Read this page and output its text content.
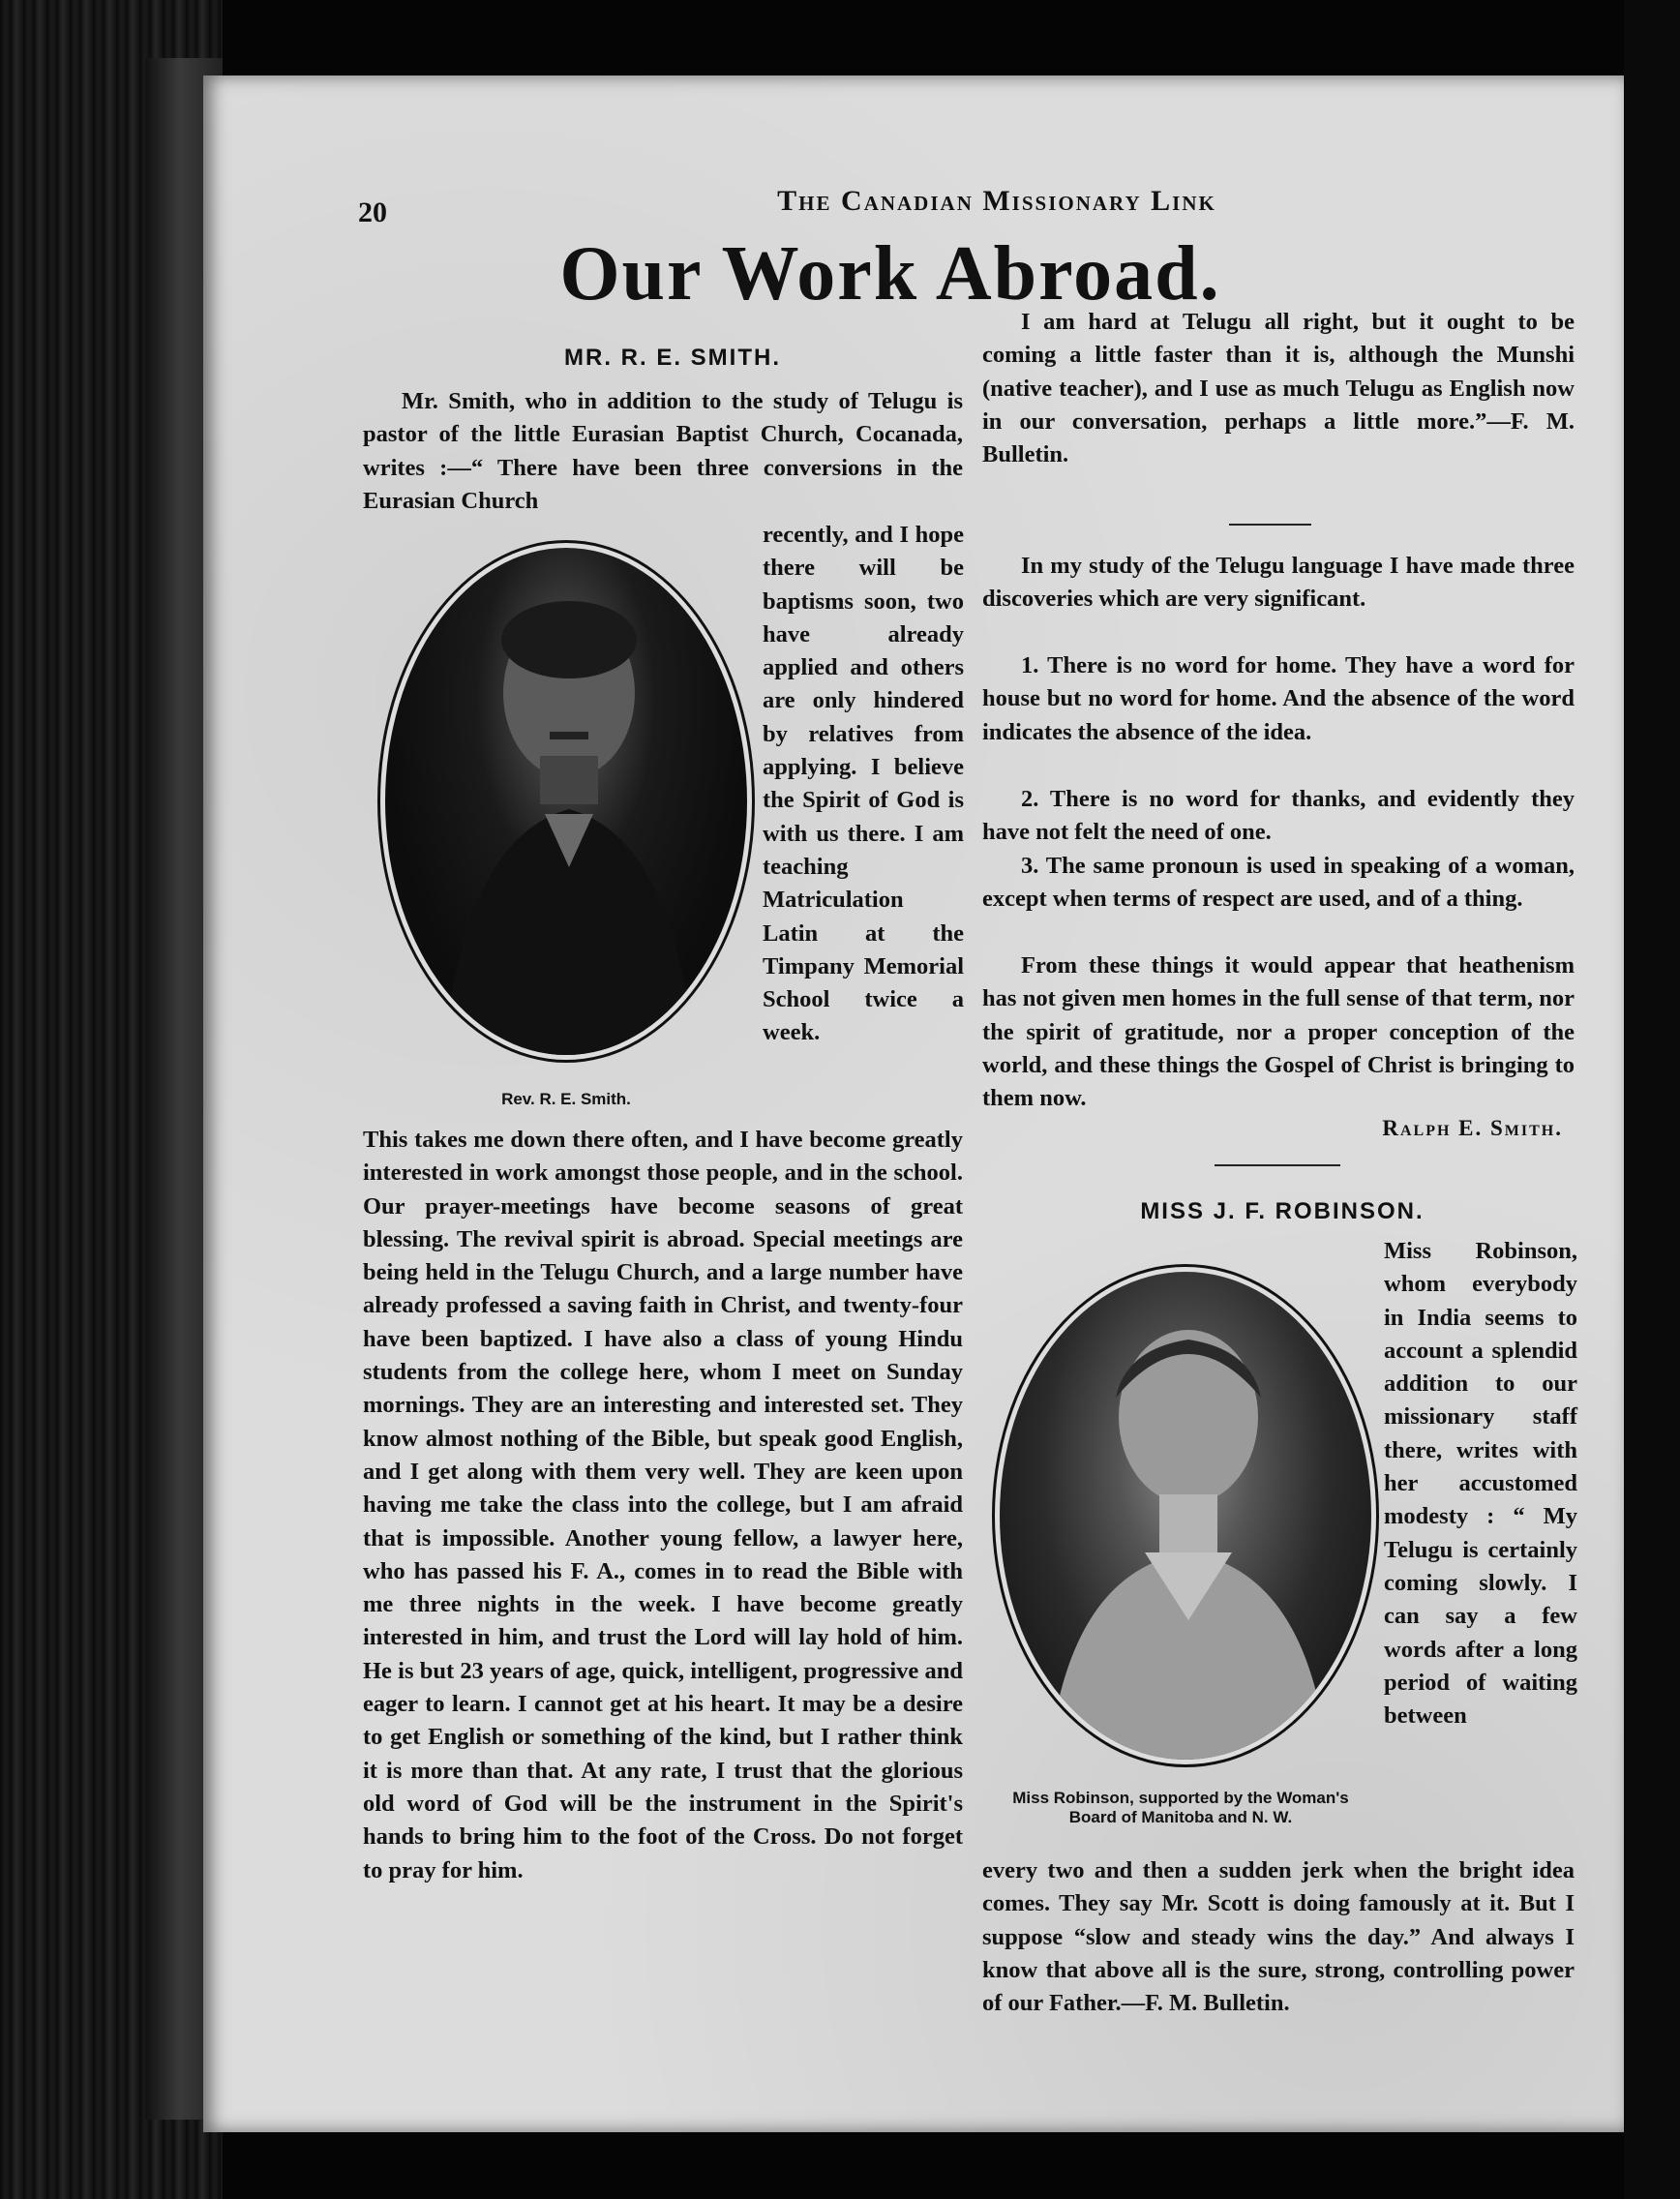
20	The Canadian Missionary Link
Our Work Abroad.
MR. R. E. SMITH.

Mr. Smith, who in addition to the study of Telugu is pastor of the little Eurasian Baptist Church, Cocanada, writes :—“ There have been three conversions in the Eurasian Church

Rev. R. E. Smith.

recently, and I hope there will be baptisms soon, two have already applied and others are only hindered by relatives from applying. I believe the Spirit of God is with us there. I am teaching Matriculation Latin at the Timpany Memorial School twice a week.

This takes me down there often, and I have become greatly interested in work amongst those people, and in the school. Our prayer-meetings have become seasons of great blessing. The revival spirit is abroad. Special meetings are being held in the Telugu Church, and a large number have already professed a saving faith in Christ, and twenty-four have been baptized. I have also a class of young Hindu students from the college here, whom I meet on Sunday mornings. They are an interesting and interested set. They know almost nothing of the Bible, but speak good English, and I get along with them very well. They are keen upon having me take the class into the college, but I am afraid that is impossible. Another young fellow, a lawyer here, who has passed his F. A., comes in to read the Bible with me three nights in the week. I have become greatly interested in him, and trust the Lord will lay hold of him. He is but 23 years of age, quick, intelligent, progressive and eager to learn. I cannot get at his heart. It may be a desire to get English or something of the kind, but I rather think it is more than that. At any rate, I trust that the glorious old word of God will be the instrument in the Spirit's hands to bring him to the foot of the Cross. Do not forget to pray for him.

I am hard at Telugu all right, but it ought to be coming a little faster than it is, although the Munshi (native teacher), and I use as much Telugu as English now in our conversation, perhaps a little more.”—F. M. Bulletin.

In my study of the Telugu language I have made three discoveries which are very significant.

1. There is no word for home. They have a word for house but no word for home. And the absence of the word indicates the absence of the idea.

2. There is no word for thanks, and evidently they have not felt the need of one.

3. The same pronoun is used in speaking of a woman, except when terms of respect are used, and of a thing.

From these things it would appear that heathenism has not given men homes in the full sense of that term, nor the spirit of gratitude, nor a proper conception of the world, and these things the Gospel of Christ is bringing to them now.

Ralph E. Smith.
MISS J. F. ROBINSON.
Miss Robinson, supported by the Woman's Board of Manitoba and N. W.

Miss Robinson, whom everybody in India seems to account a splendid addition to our missionary staff there, writes with her accustomed modesty : “ My Telugu is certainly coming slowly. I can say a few words after a long period of waiting between

every two and then a sudden jerk when the bright idea comes. They say Mr. Scott is doing famously at it. But I suppose “slow and steady wins the day.” And always I know that above all is the sure, strong, controlling power of our Father.—F. M. Bulletin.
